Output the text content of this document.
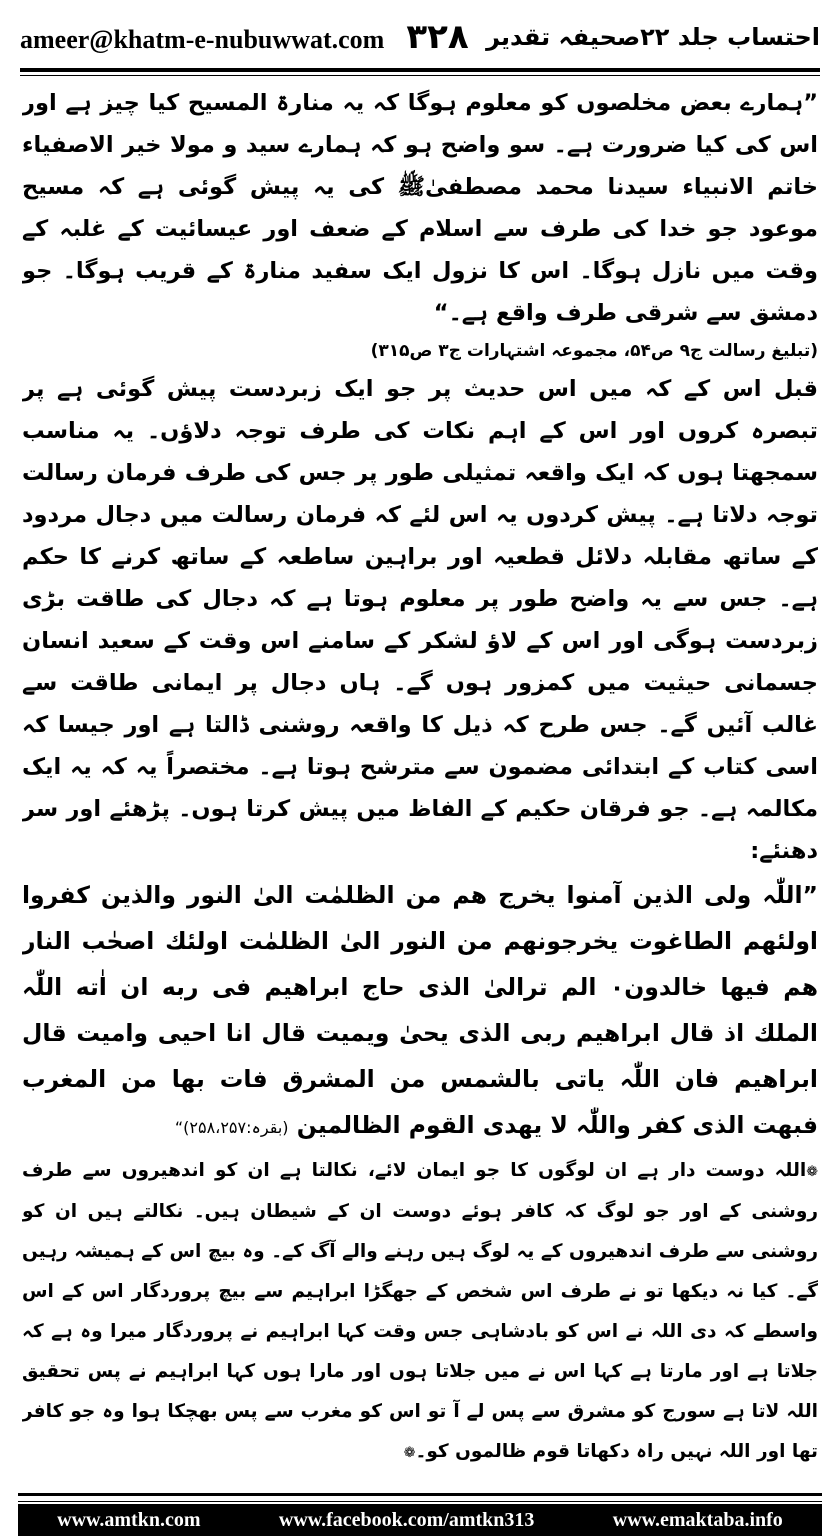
ameer@khatm-e-nubuwwat.com ۳۲۸ احتساب جلد ۲۲صحیفہ تقدیر

”ہمارے بعض مخلصوں کو معلوم ہوگا کہ یہ منارۃ المسیح کیا چیز ہے اور اس کی کیا ضرورت ہے۔ سو واضح ہو کہ ہمارے سید و مولا خیر الاصفیاء خاتم الانبیاء سیدنا محمد مصطفیٰﷺ کی یہ پیش گوئی ہے کہ مسیح موعود جو خدا کی طرف سے اسلام کے ضعف اور عیسائیت کے غلبہ کے وقت میں نازل ہوگا۔ اس کا نزول ایک سفید منارۃ کے قریب ہوگا۔ جو دمشق سے شرقی طرف واقع ہے۔“

(تبلیغ رسالت ج۹ ص۵۴، مجموعہ اشتہارات ج۳ ص۳۱۵)

قبل اس کے کہ میں اس حدیث پر جو ایک زبردست پیش گوئی ہے پر تبصرہ کروں اور اس کے اہم نکات کی طرف توجہ دلاؤں۔ یہ مناسب سمجھتا ہوں کہ ایک واقعہ تمثیلی طور پر جس کی طرف فرمان رسالت توجہ دلاتا ہے۔ پیش کردوں یہ اس لئے کہ فرمان رسالت میں دجال مردود کے ساتھ مقابلہ دلائل قطعیہ اور براہین ساطعہ کے ساتھ کرنے کا حکم ہے۔ جس سے یہ واضح طور پر معلوم ہوتا ہے کہ دجال کی طاقت بڑی زبردست ہوگی اور اس کے لاؤ لشکر کے سامنے اس وقت کے سعید انسان جسمانی حیثیت میں کمزور ہوں گے۔ ہاں دجال پر ایمانی طاقت سے غالب آئیں گے۔ جس طرح کہ ذیل کا واقعہ روشنی ڈالتا ہے اور جیسا کہ اسی کتاب کے ابتدائی مضمون سے مترشح ہوتا ہے۔ مختصراً یہ کہ یہ ایک مکالمہ ہے۔ جو فرقان حکیم کے الفاظ میں پیش کرتا ہوں۔ پڑھئے اور سر دھنئے:

”اللّٰہ ولی الذین آمنوا یخرج ھم من الظلمٰت الیٰ النور والذین کفروا اولئھم الطاغوت یخرجونھم من النور الیٰ الظلمٰت اولئك اصحٰب النار ھم فیھا خالدون۰ الم ترالیٰ الذی حاج ابراھیم فی ربه ان اٰته اللّٰہ الملك اذ قال ابراھیم ربی الذی یحیٰ ویمیت قال انا احیی وامیت قال ابراھیم فان اللّٰہ یاتی بالشمس من المشرق فات بھا من المغرب فبھت الذی کفر واللّٰہ لا یھدی القوم الظالمین (بقرہ:۲۵۸،۲۵۷)“

❁اللہ دوست دار ہے ان لوگوں کا جو ایمان لائے، نکالتا ہے ان کو اندھیروں سے طرف روشنی کے اور جو لوگ کہ کافر ہوئے دوست ان کے شیطان ہیں۔ نکالتے ہیں ان کو روشنی سے طرف اندھیروں کے یہ لوگ ہیں رہنے والے آگ کے۔ وہ بیچ اس کے ہمیشہ رہیں گے۔ کیا نہ دیکھا تو نے طرف اس شخص کے جھگڑا ابراہیم سے بیچ پروردگار اس کے اس واسطے کہ دی اللہ نے اس کو بادشاہی جس وقت کہا ابراہیم نے پروردگار میرا وہ ہے کہ جلاتا ہے اور مارتا ہے کہا اس نے میں جلاتا ہوں اور مارا ہوں کہا ابراہیم نے پس تحقیق اللہ لاتا ہے سورج کو مشرق سے پس لے آ تو اس کو مغرب سے پس بھچکا ہوا وہ جو کافر تھا اور اللہ نہیں راہ دکھاتا قوم ظالموں کو۔❁

www.amtkn.com	www.facebook.com/amtkn313	www.emaktaba.info
